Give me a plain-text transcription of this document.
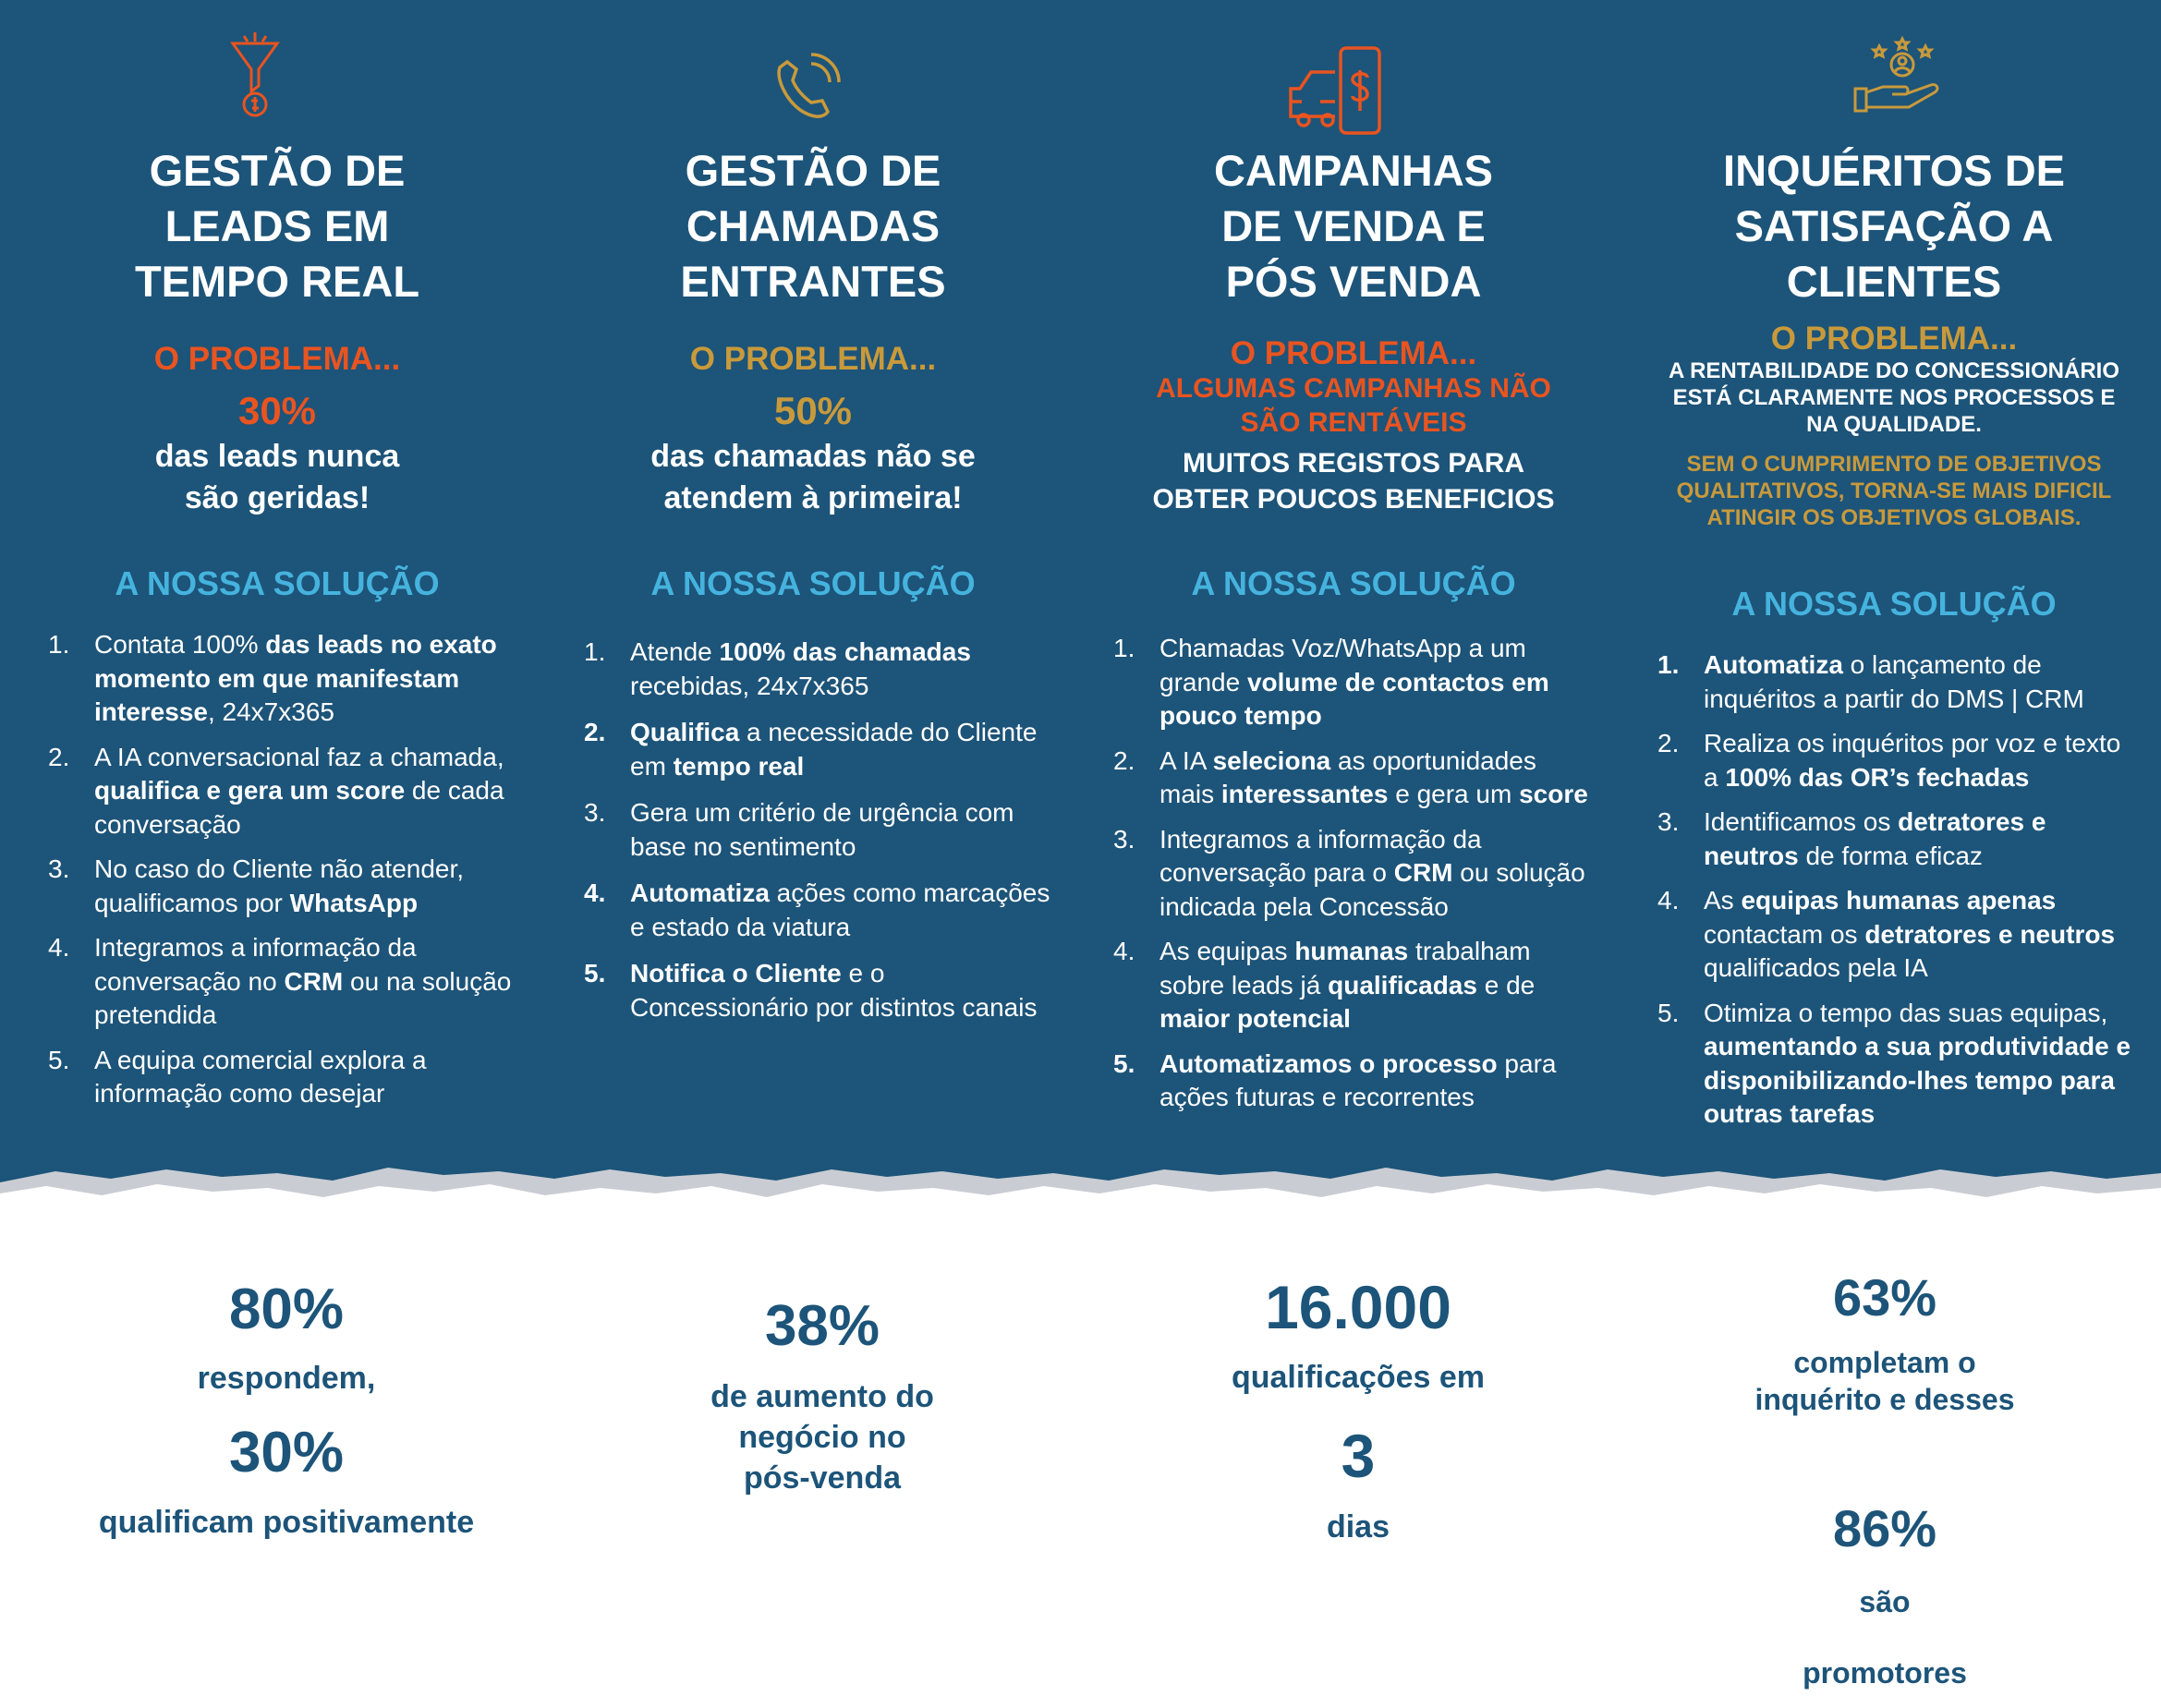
GESTÃO DE
LEADS EM
TEMPO REAL
O PROBLEMA...
30%
das leads nunca
são geridas!
A NOSSA SOLUÇÃO
1. Contata 100% das leads no exato momento em que manifestam interesse, 24x7x365
2. A IA conversacional faz a chamada, qualifica e gera um score de cada conversação
3. No caso do Cliente não atender, qualificamos por WhatsApp
4. Integramos a informação da conversação no CRM ou na solução pretendida
5. A equipa comercial explora a informação como desejar
GESTÃO DE
CHAMADAS
ENTRANTES
O PROBLEMA...
50%
das chamadas não se
atendem à primeira!
A NOSSA SOLUÇÃO
1. Atende 100% das chamadas recebidas, 24x7x365
2. Qualifica a necessidade do Cliente em tempo real
3. Gera um critério de urgência com base no sentimento
4. Automatiza ações como marcações e estado da viatura
5. Notifica o Cliente e o Concessionário por distintos canais
CAMPANHAS
DE VENDA E
PÓS VENDA
O PROBLEMA...
ALGUMAS CAMPANHAS NÃO
SÃO RENTÁVEIS
MUITOS REGISTOS PARA
OBTER POUCOS BENEFICIOS
A NOSSA SOLUÇÃO
1. Chamadas Voz/WhatsApp a um grande volume de contactos em pouco tempo
2. A IA seleciona as oportunidades mais interessantes e gera um score
3. Integramos a informação da conversação para o CRM ou solução indicada pela Concessão
4. As equipas humanas trabalham sobre leads já qualificadas e de maior potencial
5. Automatizamos o processo para ações futuras e recorrentes
INQUÉRITOS DE
SATISFAÇÃO A
CLIENTES
O PROBLEMA...
A RENTABILIDADE DO CONCESSIONÁRIO
ESTÁ CLARAMENTE NOS PROCESSOS E
NA QUALIDADE.
SEM O CUMPRIMENTO DE OBJETIVOS
QUALITATIVOS, TORNA-SE MAIS DIFICIL
ATINGIR OS OBJETIVOS GLOBAIS.
A NOSSA SOLUÇÃO
1. Automatiza o lançamento de inquéritos a partir do DMS | CRM
2. Realiza os inquéritos por voz e texto a 100% das OR’s fechadas
3. Identificamos os detratores e neutros de forma eficaz
4. As equipas humanas apenas contactam os detratores e neutros qualificados pela IA
5. Otimiza o tempo das suas equipas, aumentando a sua produtividade e disponibilizando-lhes tempo para outras tarefas

80%

respondem,

30%

qualificam positivamente

38%

de aumento do
negócio no
pós-venda

16.000

qualificações em

3

dias

63%

completam o
inquérito e desses

86%
são

promotores
